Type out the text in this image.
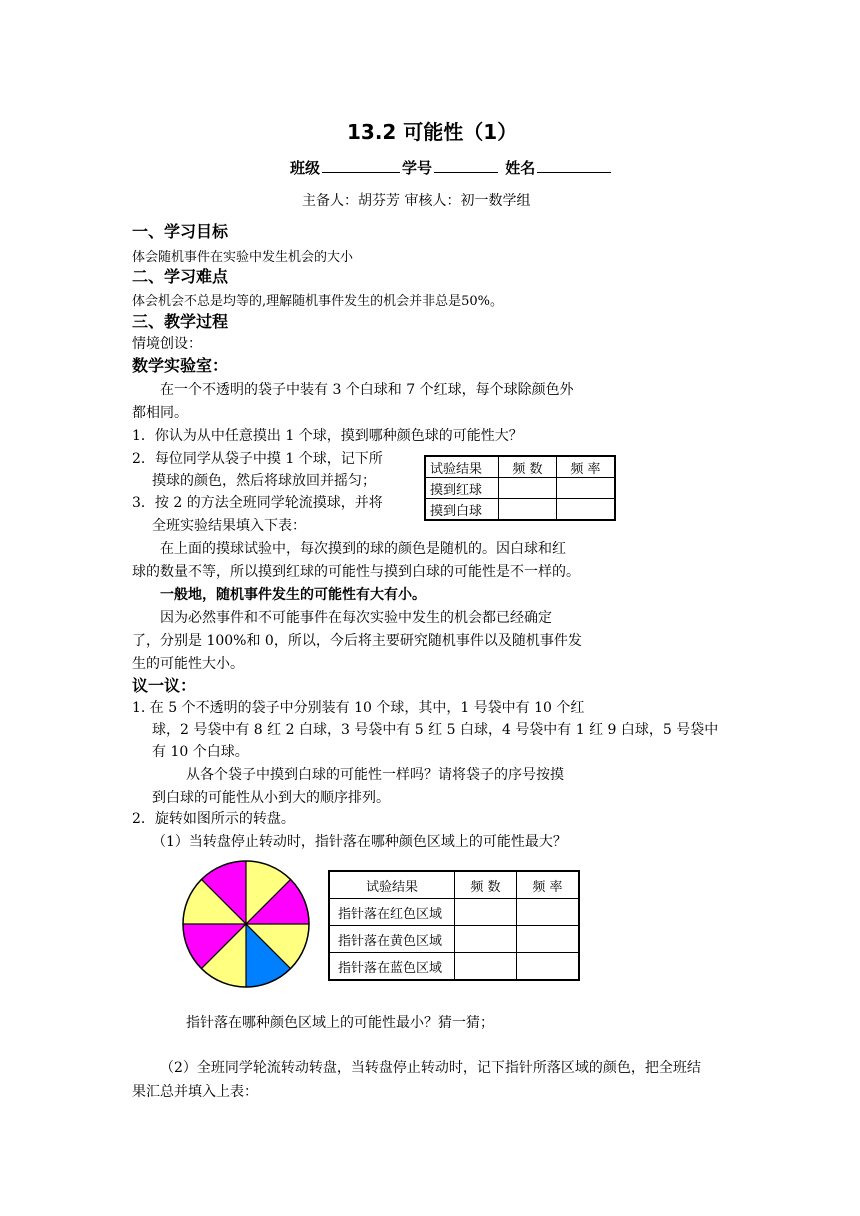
13.2 可能性（1）
班级	学号	姓名
主备人：胡芬芳 审核人：初一数学组
一、学习目标
体会随机事件在实验中发生机会的大小
二、学习难点
体会机会不总是均等的,理解随机事件发生的机会并非总是50%。
三、教学过程
情境创设：
数学实验室：
在一个不透明的袋子中装有 3 个白球和 7 个红球，每个球除颜色外
都相同。
1．你认为从中任意摸出 1 个球，摸到哪种颜色球的可能性大？
2．每位同学从袋子中摸 1 个球，记下所
摸球的颜色，然后将球放回并摇匀；
3．按 2 的方法全班同学轮流摸球，并将
全班实验结果填入下表：
试验结果	频 数	频 率
摸到红球		
摸到白球		
在上面的摸球试验中，每次摸到的球的颜色是随机的。因白球和红
球的数量不等，所以摸到红球的可能性与摸到白球的可能性是不一样的。
一般地，随机事件发生的可能性有大有小。
因为必然事件和不可能事件在每次实验中发生的机会都已经确定
了，分别是 100%和 0，所以，今后将主要研究随机事件以及随机事件发
生的可能性大小。
议一议：
1. 在 5 个不透明的袋子中分别装有 10 个球，其中，1 号袋中有 10 个红
球，2 号袋中有 8 红 2 白球，3 号袋中有 5 红 5 白球，4 号袋中有 1 红 9 白球，5 号袋中
有 10 个白球。
从各个袋子中摸到白球的可能性一样吗？请将袋子的序号按摸
到白球的可能性从小到大的顺序排列。
2．旋转如图所示的转盘。
（1）当转盘停止转动时，指针落在哪种颜色区域上的可能性最大？
试验结果	频 数	频 率
指针落在红色区域		
指针落在黄色区域		
指针落在蓝色区域		
指针落在哪种颜色区域上的可能性最小？猜一猜；
（2）全班同学轮流转动转盘，当转盘停止转动时，记下指针所落区域的颜色，把全班结
果汇总并填入上表：
